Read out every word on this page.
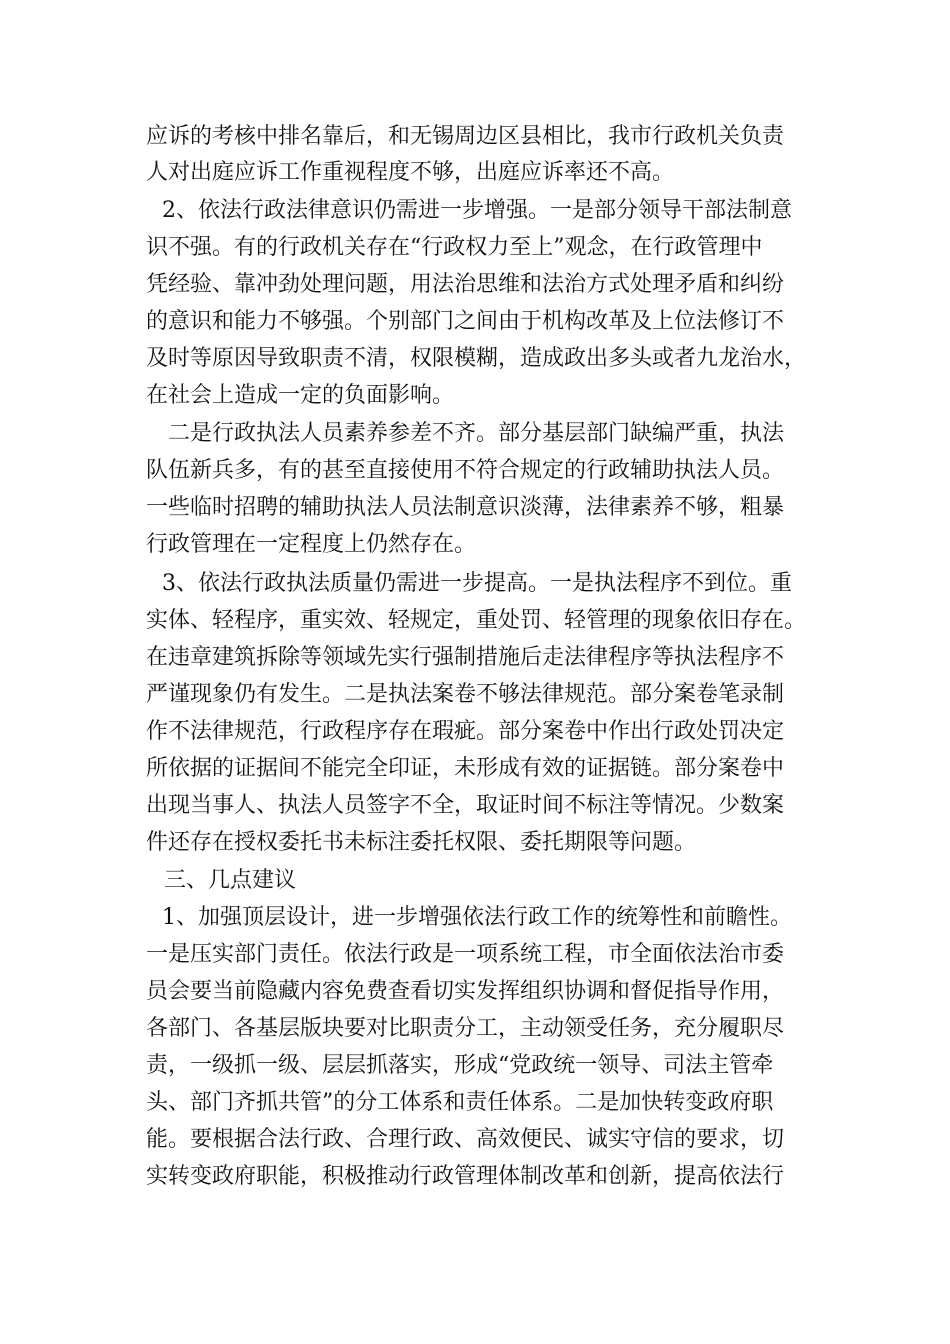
应诉的考核中排名靠后，和无锡周边区县相比，我市行政机关负责
人对出庭应诉工作重视程度不够，出庭应诉率还不高。
2、依法行政法律意识仍需进一步增强。一是部分领导干部法制意
识不强。有的行政机关存在“行政权力至上”观念，在行政管理中
凭经验、靠冲劲处理问题，用法治思维和法治方式处理矛盾和纠纷
的意识和能力不够强。个别部门之间由于机构改革及上位法修订不
及时等原因导致职责不清，权限模糊，造成政出多头或者九龙治水，
在社会上造成一定的负面影响。
二是行政执法人员素养参差不齐。部分基层部门缺编严重，执法
队伍新兵多，有的甚至直接使用不符合规定的行政辅助执法人员。
一些临时招聘的辅助执法人员法制意识淡薄，法律素养不够，粗暴
行政管理在一定程度上仍然存在。
3、依法行政执法质量仍需进一步提高。一是执法程序不到位。重
实体、轻程序，重实效、轻规定，重处罚、轻管理的现象依旧存在。
在违章建筑拆除等领域先实行强制措施后走法律程序等执法程序不
严谨现象仍有发生。二是执法案卷不够法律规范。部分案卷笔录制
作不法律规范，行政程序存在瑕疵。部分案卷中作出行政处罚决定
所依据的证据间不能完全印证，未形成有效的证据链。部分案卷中
出现当事人、执法人员签字不全，取证时间不标注等情况。少数案
件还存在授权委托书未标注委托权限、委托期限等问题。
三、几点建议
1、加强顶层设计，进一步增强依法行政工作的统筹性和前瞻性。
一是压实部门责任。依法行政是一项系统工程，市全面依法治市委
员会要当前隐藏内容免费查看切实发挥组织协调和督促指导作用，
各部门、各基层版块要对比职责分工，主动领受任务，充分履职尽
责，一级抓一级、层层抓落实，形成“党政统一领导、司法主管牵
头、部门齐抓共管”的分工体系和责任体系。二是加快转变政府职
能。要根据合法行政、合理行政、高效便民、诚实守信的要求，切
实转变政府职能，积极推动行政管理体制改革和创新，提高依法行
